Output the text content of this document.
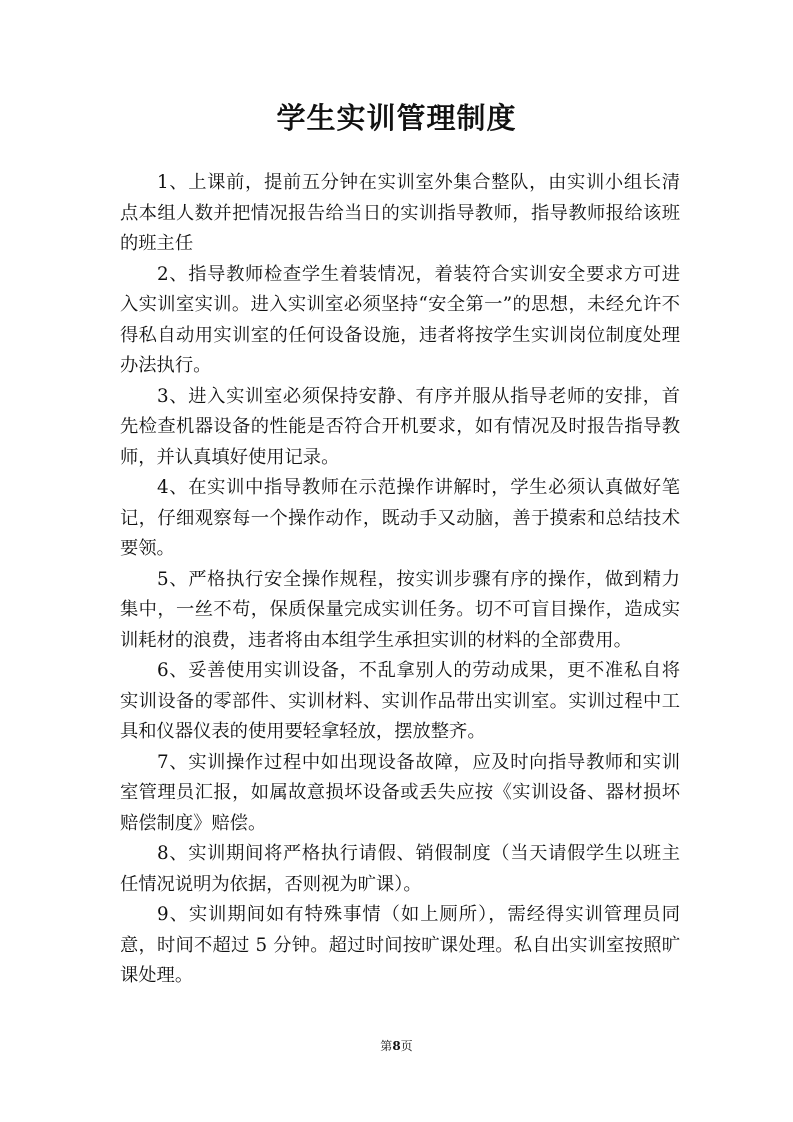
学生实训管理制度

1、上课前，提前五分钟在实训室外集合整队，由实训小组长清点本组人数并把情况报告给当日的实训指导教师，指导教师报给该班的班主任

2、指导教师检查学生着装情况，着装符合实训安全要求方可进入实训室实训。进入实训室必须坚持“安全第一”的思想，未经允许不得私自动用实训室的任何设备设施，违者将按学生实训岗位制度处理办法执行。

3、进入实训室必须保持安静、有序并服从指导老师的安排，首先检查机器设备的性能是否符合开机要求，如有情况及时报告指导教师，并认真填好使用记录。

4、在实训中指导教师在示范操作讲解时，学生必须认真做好笔记，仔细观察每一个操作动作，既动手又动脑，善于摸索和总结技术要领。

5、严格执行安全操作规程，按实训步骤有序的操作，做到精力集中，一丝不苟，保质保量完成实训任务。切不可盲目操作，造成实训耗材的浪费，违者将由本组学生承担实训的材料的全部费用。

6、妥善使用实训设备，不乱拿别人的劳动成果，更不准私自将实训设备的零部件、实训材料、实训作品带出实训室。实训过程中工具和仪器仪表的使用要轻拿轻放，摆放整齐。

7、实训操作过程中如出现设备故障，应及时向指导教师和实训室管理员汇报，如属故意损坏设备或丢失应按《实训设备、器材损坏赔偿制度》赔偿。

8、实训期间将严格执行请假、销假制度（当天请假学生以班主任情况说明为依据，否则视为旷课）。

9、实训期间如有特殊事情（如上厕所），需经得实训管理员同意，时间不超过 5 分钟。超过时间按旷课处理。私自出实训室按照旷课处理。

第8页
